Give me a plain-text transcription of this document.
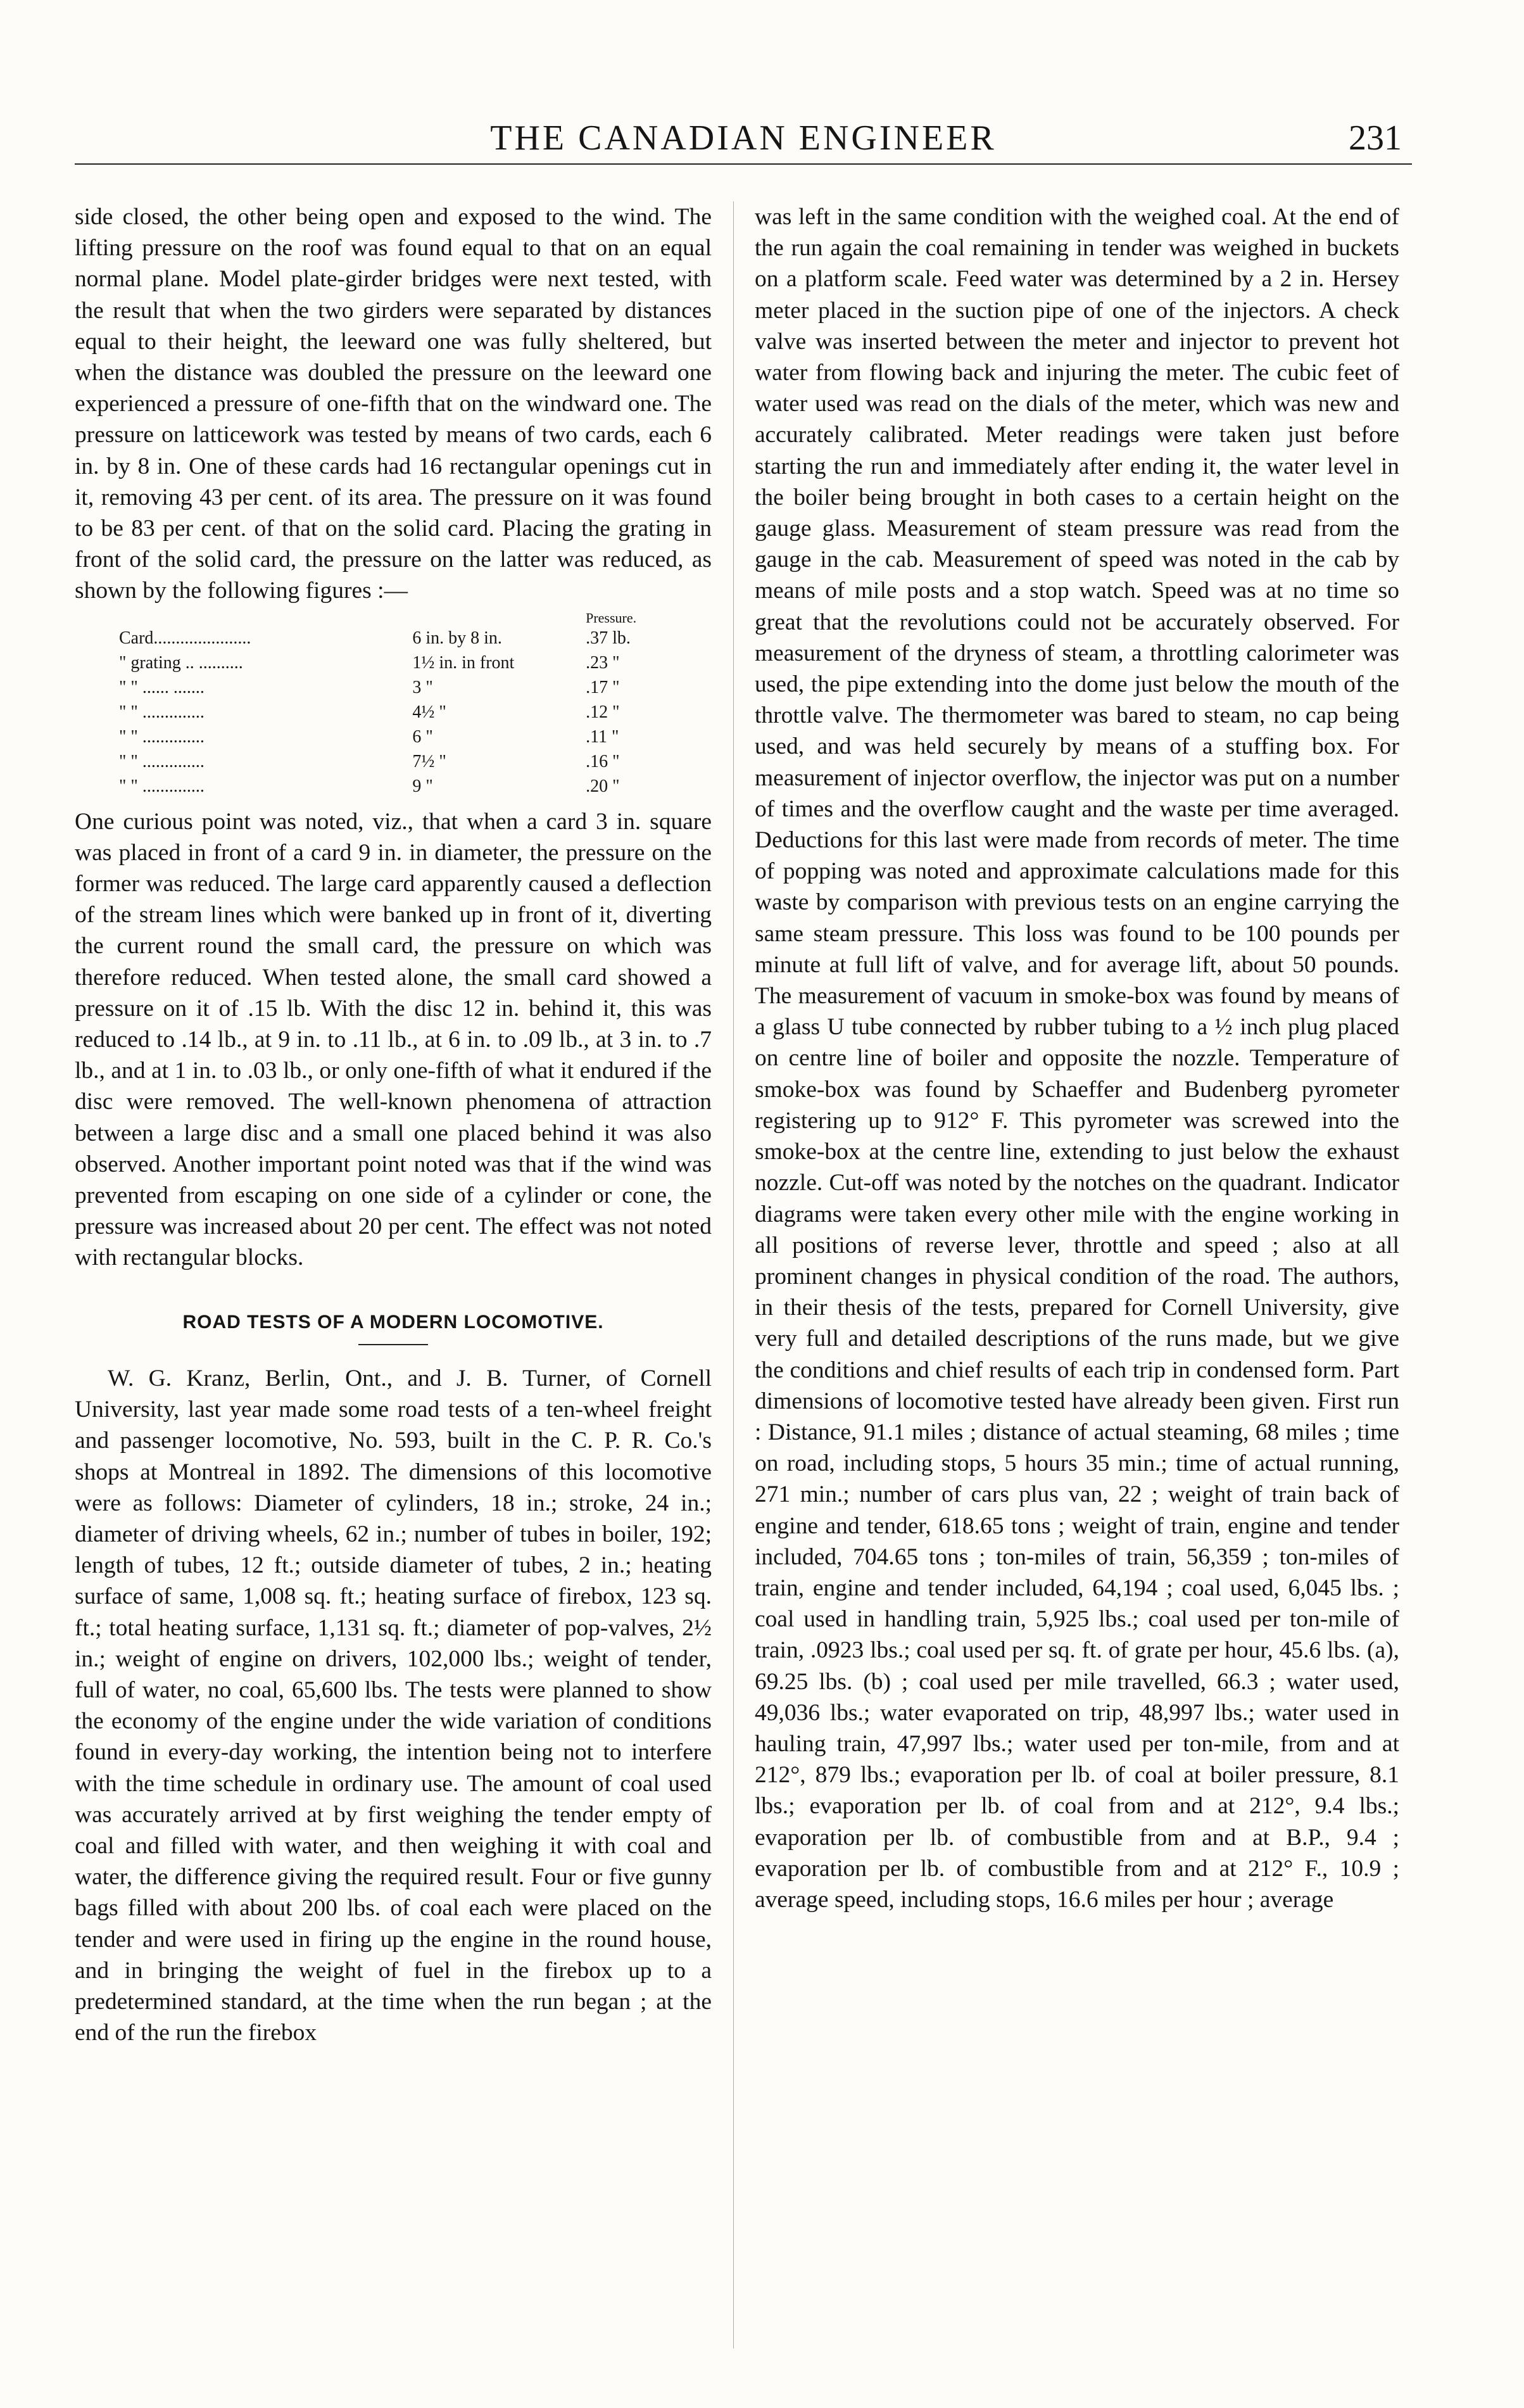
THE CANADIAN ENGINEER	231

side closed, the other being open and exposed to the wind. The lifting pressure on the roof was found equal to that on an equal normal plane. Model plate-girder bridges were next tested, with the result that when the two girders were separated by distances equal to their height, the leeward one was fully sheltered, but when the distance was doubled the pressure on the leeward one experienced a pressure of one-fifth that on the windward one. The pressure on latticework was tested by means of two cards, each 6 in. by 8 in. One of these cards had 16 rectangular openings cut in it, removing 43 per cent. of its area. The pressure on it was found to be 83 per cent. of that on the solid card. Placing the grating in front of the solid card, the pressure on the latter was reduced, as shown by the following figures :—

		Pressure.
Card......................	6 in. by 8 in.	.37 lb.
" grating .. ..........	1½ in. in front	.23 "
" " ...... .......	3 "	.17 "
" " ..............	4½ "	.12 "
" " ..............	6 "	.11 "
" " ..............	7½ "	.16 "
" " ..............	9 "	.20 "

One curious point was noted, viz., that when a card 3 in. square was placed in front of a card 9 in. in diameter, the pressure on the former was reduced. The large card apparently caused a deflection of the stream lines which were banked up in front of it, diverting the current round the small card, the pressure on which was therefore reduced. When tested alone, the small card showed a pressure on it of .15 lb. With the disc 12 in. behind it, this was reduced to .14 lb., at 9 in. to .11 lb., at 6 in. to .09 lb., at 3 in. to .7 lb., and at 1 in. to .03 lb., or only one-fifth of what it endured if the disc were removed. The well-known phenomena of attraction between a large disc and a small one placed behind it was also observed. Another important point noted was that if the wind was prevented from escaping on one side of a cylinder or cone, the pressure was increased about 20 per cent. The effect was not noted with rectangular blocks.

ROAD TESTS OF A MODERN LOCOMOTIVE.

W. G. Kranz, Berlin, Ont., and J. B. Turner, of Cornell University, last year made some road tests of a ten-wheel freight and passenger locomotive, No. 593, built in the C. P. R. Co.'s shops at Montreal in 1892. The dimensions of this locomotive were as follows: Diameter of cylinders, 18 in.; stroke, 24 in.; diameter of driving wheels, 62 in.; number of tubes in boiler, 192; length of tubes, 12 ft.; outside diameter of tubes, 2 in.; heating surface of same, 1,008 sq. ft.; heating surface of firebox, 123 sq. ft.; total heating surface, 1,131 sq. ft.; diameter of pop-valves, 2½ in.; weight of engine on drivers, 102,000 lbs.; weight of tender, full of water, no coal, 65,600 lbs. The tests were planned to show the economy of the engine under the wide variation of conditions found in every-day working, the intention being not to interfere with the time schedule in ordinary use. The amount of coal used was accurately arrived at by first weighing the tender empty of coal and filled with water, and then weighing it with coal and water, the difference giving the required result. Four or five gunny bags filled with about 200 lbs. of coal each were placed on the tender and were used in firing up the engine in the round house, and in bringing the weight of fuel in the firebox up to a predetermined standard, at the time when the run began ; at the end of the run the firebox

was left in the same condition with the weighed coal. At the end of the run again the coal remaining in tender was weighed in buckets on a platform scale. Feed water was determined by a 2 in. Hersey meter placed in the suction pipe of one of the injectors. A check valve was inserted between the meter and injector to prevent hot water from flowing back and injuring the meter. The cubic feet of water used was read on the dials of the meter, which was new and accurately calibrated. Meter readings were taken just before starting the run and immediately after ending it, the water level in the boiler being brought in both cases to a certain height on the gauge glass. Measurement of steam pressure was read from the gauge in the cab. Measurement of speed was noted in the cab by means of mile posts and a stop watch. Speed was at no time so great that the revolutions could not be accurately observed. For measurement of the dryness of steam, a throttling calorimeter was used, the pipe extending into the dome just below the mouth of the throttle valve. The thermometer was bared to steam, no cap being used, and was held securely by means of a stuffing box. For measurement of injector overflow, the injector was put on a number of times and the overflow caught and the waste per time averaged. Deductions for this last were made from records of meter. The time of popping was noted and approximate calculations made for this waste by comparison with previous tests on an engine carrying the same steam pressure. This loss was found to be 100 pounds per minute at full lift of valve, and for average lift, about 50 pounds. The measurement of vacuum in smoke-box was found by means of a glass U tube connected by rubber tubing to a ½ inch plug placed on centre line of boiler and opposite the nozzle. Temperature of smoke-box was found by Schaeffer and Budenberg pyrometer registering up to 912° F. This pyrometer was screwed into the smoke-box at the centre line, extending to just below the exhaust nozzle. Cut-off was noted by the notches on the quadrant. Indicator diagrams were taken every other mile with the engine working in all positions of reverse lever, throttle and speed ; also at all prominent changes in physical condition of the road. The authors, in their thesis of the tests, prepared for Cornell University, give very full and detailed descriptions of the runs made, but we give the conditions and chief results of each trip in condensed form. Part dimensions of locomotive tested have already been given. First run : Distance, 91.1 miles ; distance of actual steaming, 68 miles ; time on road, including stops, 5 hours 35 min.; time of actual running, 271 min.; number of cars plus van, 22 ; weight of train back of engine and tender, 618.65 tons ; weight of train, engine and tender included, 704.65 tons ; ton-miles of train, 56,359 ; ton-miles of train, engine and tender included, 64,194 ; coal used, 6,045 lbs. ; coal used in handling train, 5,925 lbs.; coal used per ton-mile of train, .0923 lbs.; coal used per sq. ft. of grate per hour, 45.6 lbs. (a), 69.25 lbs. (b) ; coal used per mile travelled, 66.3 ; water used, 49,036 lbs.; water evaporated on trip, 48,997 lbs.; water used in hauling train, 47,997 lbs.; water used per ton-mile, from and at 212°, 879 lbs.; evaporation per lb. of coal at boiler pressure, 8.1 lbs.; evaporation per lb. of coal from and at 212°, 9.4 lbs.; evaporation per lb. of combustible from and at B.P., 9.4 ; evaporation per lb. of combustible from and at 212° F., 10.9 ; average speed, including stops, 16.6 miles per hour ; average
